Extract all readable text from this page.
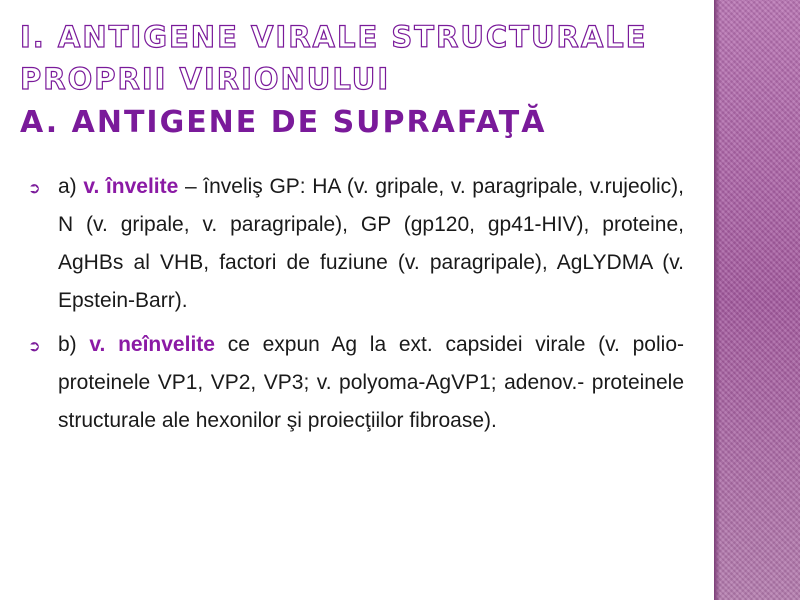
I. ANTIGENE VIRALE STRUCTURALE
PROPRII VIRIONULUI
A. ANTIGENE DE SUPRAFAŢĂ
➲ a) v. învelite – înveliş GP: HA (v. gripale, v. paragripale, v.rujeolic), N (v. gripale, v. paragripale), GP (gp120, gp41-HIV), proteine, AgHBs al VHB, factori de fuziune (v. paragripale), AgLYDMA (v. Epstein-Barr).
➲ b) v. neînvelite ce expun Ag la ext. capsidei virale (v. polio- proteinele VP1, VP2, VP3; v. polyoma-AgVP1; adenov.- proteinele structurale ale hexonilor şi proiecţiilor fibroase).
